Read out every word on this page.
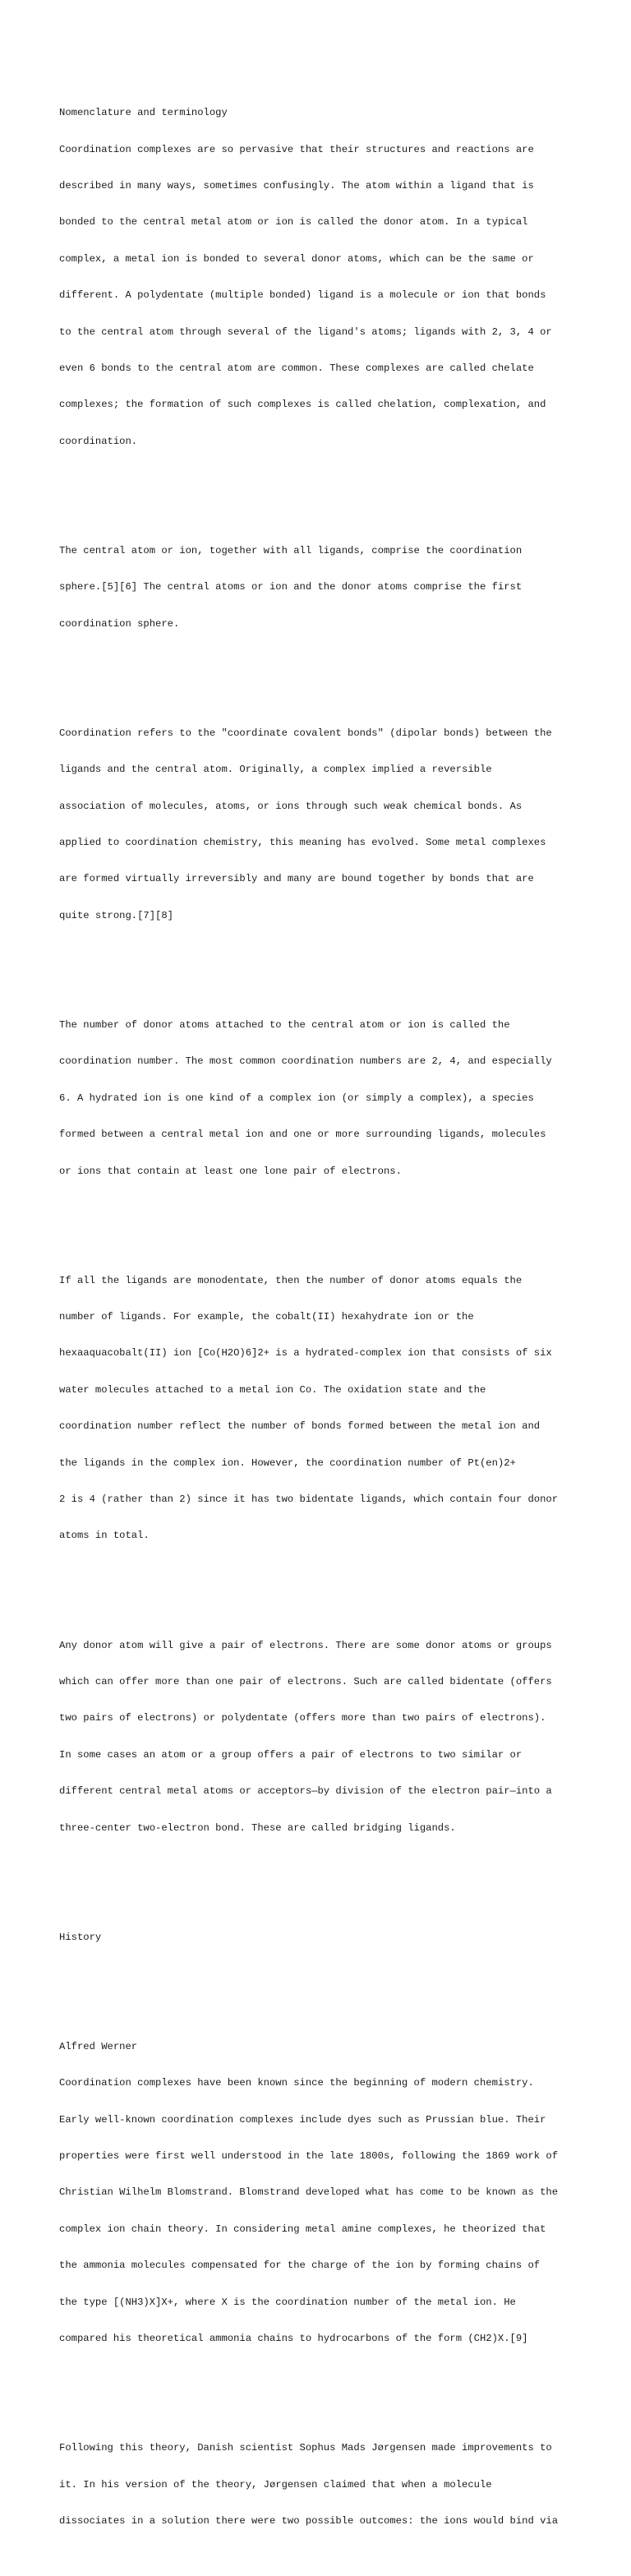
Nomenclature and terminology

Coordination complexes are so pervasive that their structures and reactions are

described in many ways, sometimes confusingly. The atom within a ligand that is

bonded to the central metal atom or ion is called the donor atom. In a typical

complex, a metal ion is bonded to several donor atoms, which can be the same or

different. A polydentate (multiple bonded) ligand is a molecule or ion that bonds

to the central atom through several of the ligand's atoms; ligands with 2, 3, 4 or

even 6 bonds to the central atom are common. These complexes are called chelate

complexes; the formation of such complexes is called chelation, complexation, and

coordination.

The central atom or ion, together with all ligands, comprise the coordination

sphere.[5][6] The central atoms or ion and the donor atoms comprise the first

coordination sphere.

Coordination refers to the "coordinate covalent bonds" (dipolar bonds) between the

ligands and the central atom. Originally, a complex implied a reversible

association of molecules, atoms, or ions through such weak chemical bonds. As

applied to coordination chemistry, this meaning has evolved. Some metal complexes

are formed virtually irreversibly and many are bound together by bonds that are

quite strong.[7][8]

The number of donor atoms attached to the central atom or ion is called the

coordination number. The most common coordination numbers are 2, 4, and especially

6. A hydrated ion is one kind of a complex ion (or simply a complex), a species

formed between a central metal ion and one or more surrounding ligands, molecules

or ions that contain at least one lone pair of electrons.

If all the ligands are monodentate, then the number of donor atoms equals the

number of ligands. For example, the cobalt(II) hexahydrate ion or the

hexaaquacobalt(II) ion [Co(H2O)6]2+ is a hydrated-complex ion that consists of six

water molecules attached to a metal ion Co. The oxidation state and the

coordination number reflect the number of bonds formed between the metal ion and

the ligands in the complex ion. However, the coordination number of Pt(en)2+

2 is 4 (rather than 2) since it has two bidentate ligands, which contain four donor

atoms in total.

Any donor atom will give a pair of electrons. There are some donor atoms or groups

which can offer more than one pair of electrons. Such are called bidentate (offers

two pairs of electrons) or polydentate (offers more than two pairs of electrons).

In some cases an atom or a group offers a pair of electrons to two similar or

different central metal atoms or acceptors—by division of the electron pair—into a

three-center two-electron bond. These are called bridging ligands.

History

Alfred Werner

Coordination complexes have been known since the beginning of modern chemistry.

Early well-known coordination complexes include dyes such as Prussian blue. Their

properties were first well understood in the late 1800s, following the 1869 work of

Christian Wilhelm Blomstrand. Blomstrand developed what has come to be known as the

complex ion chain theory. In considering metal amine complexes, he theorized that

the ammonia molecules compensated for the charge of the ion by forming chains of

the type [(NH3)X]X+, where X is the coordination number of the metal ion. He

compared his theoretical ammonia chains to hydrocarbons of the form (CH2)X.[9]

Following this theory, Danish scientist Sophus Mads Jørgensen made improvements to

it. In his version of the theory, Jørgensen claimed that when a molecule

dissociates in a solution there were two possible outcomes: the ions would bind via
